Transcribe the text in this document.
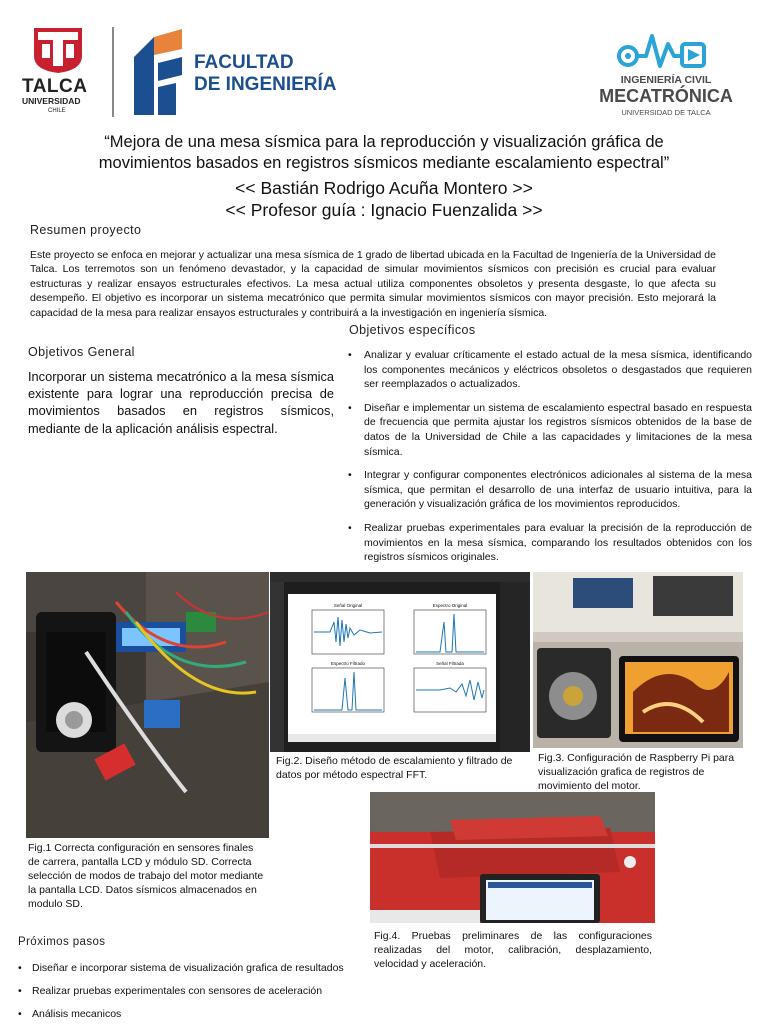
TALCA
UNIVERSIDAD
CHILE
FACULTAD
DE INGENIERÍA	INGENIERÍA CIVIL
MECATRÓNICA
UNIVERSIDAD DE TALCA
“Mejora de una mesa sísmica para la reproducción y visualización gráfica de movimientos basados en registros sísmicos mediante escalamiento espectral”
<< Bastián Rodrigo Acuña Montero >>
<< Profesor guía : Ignacio Fuenzalida >>
Resumen proyecto
Este proyecto se enfoca en mejorar y actualizar una mesa sísmica de 1 grado de libertad ubicada en la Facultad de Ingeniería de la Universidad de Talca. Los terremotos son un fenómeno devastador, y la capacidad de simular movimientos sísmicos con precisión es crucial para evaluar estructuras y realizar ensayos estructurales efectivos. La mesa actual utiliza componentes obsoletos y presenta desgaste, lo que afecta su desempeño. El objetivo es incorporar un sistema mecatrónico que permita simular movimientos sísmicos con mayor precisión. Esto mejorará la capacidad de la mesa para realizar ensayos estructurales y contribuirá a la investigación en ingeniería sísmica.
Objetivos General
Incorporar un sistema mecatrónico a la mesa sísmica existente para lograr una reproducción precisa de movimientos basados en registros sísmicos, mediante de la aplicación análisis espectral.
Objetivos específicos
• Analizar y evaluar críticamente el estado actual de la mesa sísmica, identificando los componentes mecánicos y eléctricos obsoletos o desgastados que requieren ser reemplazados o actualizados.
• Diseñar e implementar un sistema de escalamiento espectral basado en respuesta de frecuencia que permita ajustar los registros sísmicos obtenidos de la base de datos de la Universidad de Chile a las capacidades y limitaciones de la mesa sísmica.
• Integrar y configurar componentes electrónicos adicionales al sistema de la mesa sísmica, que permitan el desarrollo de una interfaz de usuario intuitiva, para la generación y visualización gráfica de los movimientos reproducidos.
• Realizar pruebas experimentales para evaluar la precisión de la reproducción de movimientos en la mesa sísmica, comparando los resultados obtenidos con los registros sísmicos originales.
Fig.1 Correcta configuración en sensores finales de carrera, pantalla LCD y módulo SD. Correcta selección de modos de trabajo del motor mediante la pantalla LCD. Datos sísmicos almacenados en modulo SD.
Señal Original	Espectro Original
Espectro Filtrado	Señal Filtrada
Fig.2. Diseño método de escalamiento y filtrado de datos por método espectral FFT.
Fig.3. Configuración de Raspberry Pi para visualización grafica de registros de movimiento del motor.
Fig.4. Pruebas preliminares de las configuraciones realizadas del motor, calibración, desplazamiento, velocidad y aceleración.
Próximos pasos
• Diseñar e incorporar sistema de visualización grafica de resultados
• Realizar pruebas experimentales con sensores de aceleración
• Análisis mecanicos
